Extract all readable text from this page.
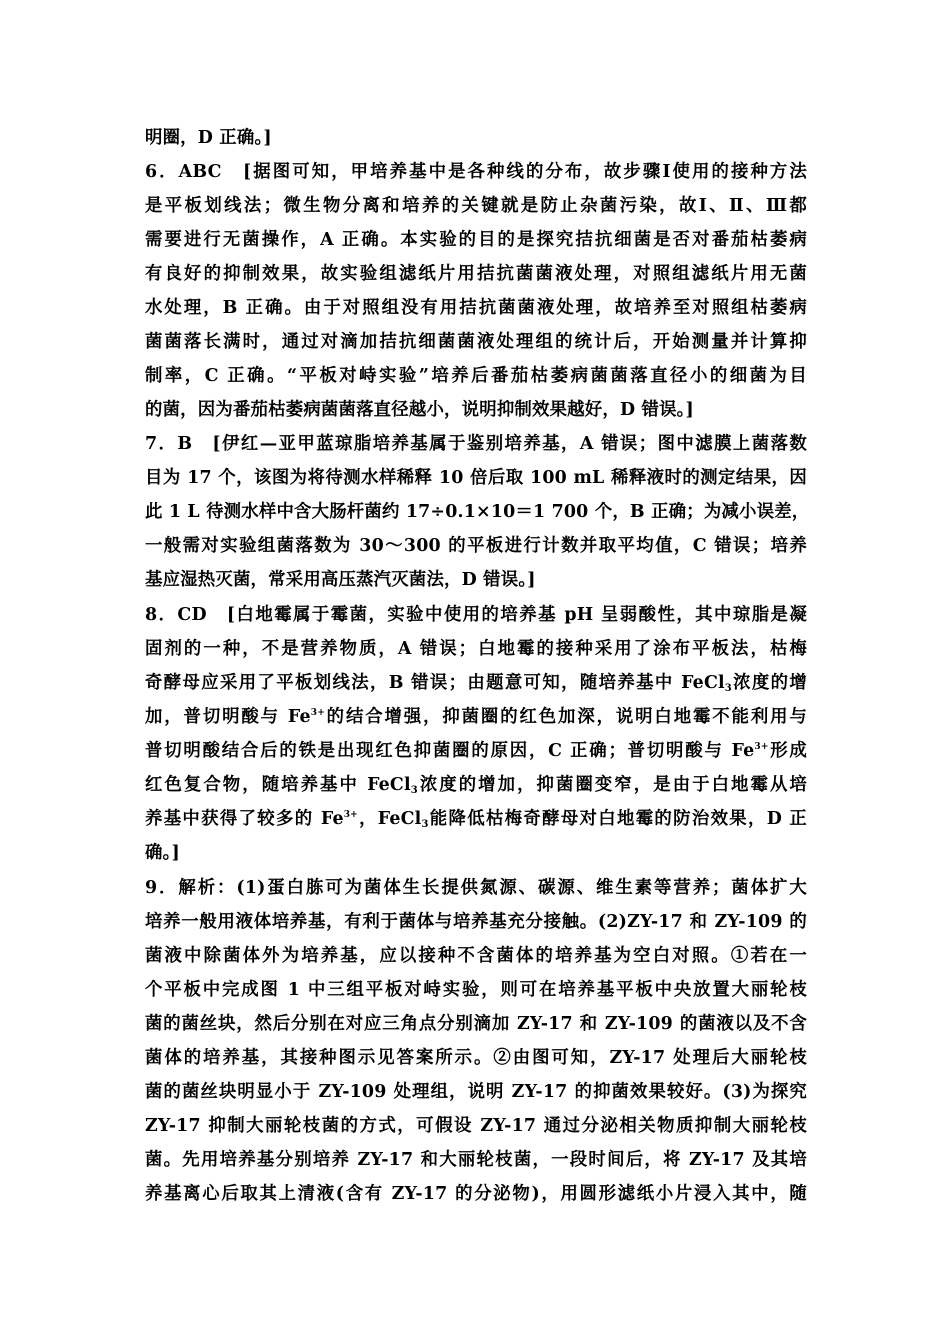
明圈，D 正确。]
6．ABC　[据图可知，甲培养基中是各种线的分布，故步骤Ⅰ使用的接种方法
是平板划线法；微生物分离和培养的关键就是防止杂菌污染，故Ⅰ、Ⅱ、Ⅲ都
需要进行无菌操作，A 正确。本实验的目的是探究拮抗细菌是否对番茄枯萎病
有良好的抑制效果，故实验组滤纸片用拮抗菌菌液处理，对照组滤纸片用无菌
水处理，B 正确。由于对照组没有用拮抗菌菌液处理，故培养至对照组枯萎病
菌菌落长满时，通过对滴加拮抗细菌菌液处理组的统计后，开始测量并计算抑
制率，C 正确。“平板对峙实验”培养后番茄枯萎病菌菌落直径小的细菌为目
的菌，因为番茄枯萎病菌菌落直径越小，说明抑制效果越好，D 错误。]
7．B　[伊红—亚甲蓝琼脂培养基属于鉴别培养基，A 错误；图中滤膜上菌落数
目为 17 个，该图为将待测水样稀释 10 倍后取 100 mL 稀释液时的测定结果，因
此 1 L 待测水样中含大肠杆菌约 17÷0.1×10＝1 700 个，B 正确；为减小误差，
一般需对实验组菌落数为 30～300 的平板进行计数并取平均值，C 错误；培养
基应湿热灭菌，常采用高压蒸汽灭菌法，D 错误。]
8．CD　[白地霉属于霉菌，实验中使用的培养基 pH 呈弱酸性，其中琼脂是凝
固剂的一种，不是营养物质，A 错误；白地霉的接种采用了涂布平板法，枯梅
奇酵母应采用了平板划线法，B 错误；由题意可知，随培养基中 FeCl$_3$浓度的增
加，普切明酸与 $Fe^{3+}$的结合增强，抑菌圈的红色加深，说明白地霉不能利用与
普切明酸结合后的铁是出现红色抑菌圈的原因，C 正确；普切明酸与 $Fe^{3+}$形成
红色复合物，随培养基中 FeCl$_3$浓度的增加，抑菌圈变窄，是由于白地霉从培
养基中获得了较多的 $Fe^{3+}$，FeCl$_3$能降低枯梅奇酵母对白地霉的防治效果，D 正
确。]
9．解析：(1)蛋白胨可为菌体生长提供氮源、碳源、维生素等营养；菌体扩大
培养一般用液体培养基，有利于菌体与培养基充分接触。(2)ZY-17 和 ZY-109 的
菌液中除菌体外为培养基，应以接种不含菌体的培养基为空白对照。①若在一
个平板中完成图 1 中三组平板对峙实验，则可在培养基平板中央放置大丽轮枝
菌的菌丝块，然后分别在对应三角点分别滴加 ZY-17 和 ZY-109 的菌液以及不含
菌体的培养基，其接种图示见答案所示。②由图可知，ZY-17 处理后大丽轮枝
菌的菌丝块明显小于 ZY-109 处理组，说明 ZY-17 的抑菌效果较好。(3)为探究
ZY-17 抑制大丽轮枝菌的方式，可假设 ZY-17 通过分泌相关物质抑制大丽轮枝
菌。先用培养基分别培养 ZY-17 和大丽轮枝菌，一段时间后，将 ZY-17 及其培
养基离心后取其上清液(含有 ZY-17 的分泌物)，用圆形滤纸小片浸入其中，随
